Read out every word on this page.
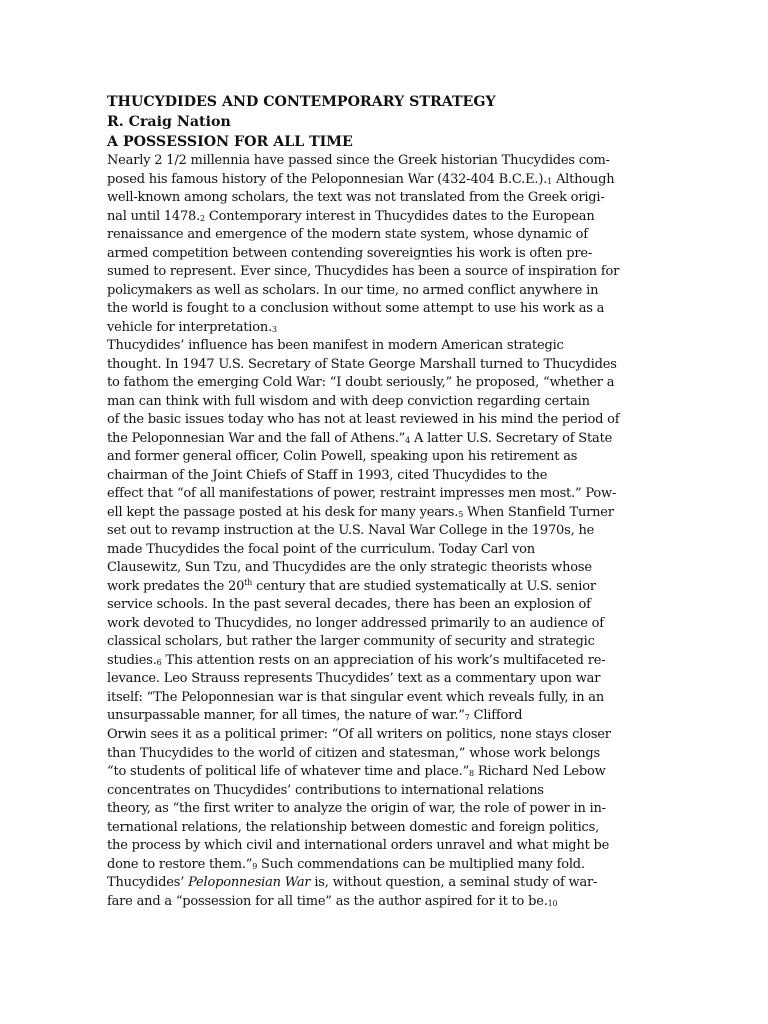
THUCYDIDES AND CONTEMPORARY STRATEGY
R. Craig Nation
A POSSESSION FOR ALL TIME
Nearly 2 1/2 millennia have passed since the Greek historian Thucydides com-
posed his famous history of the Peloponnesian War (432-404 B.C.E.).1 Although
well-known among scholars, the text was not translated from the Greek origi-
nal until 1478.2 Contemporary interest in Thucydides dates to the European
renaissance and emergence of the modern state system, whose dynamic of
armed competition between contending sovereignties his work is often pre-
sumed to represent. Ever since, Thucydides has been a source of inspiration for
policymakers as well as scholars. In our time, no armed conflict anywhere in
the world is fought to a conclusion without some attempt to use his work as a
vehicle for interpretation.3
Thucydides’ influence has been manifest in modern American strategic
thought. In 1947 U.S. Secretary of State George Marshall turned to Thucydides
to fathom the emerging Cold War: “I doubt seriously,” he proposed, “whether a
man can think with full wisdom and with deep conviction regarding certain
of the basic issues today who has not at least reviewed in his mind the period of
the Peloponnesian War and the fall of Athens.”4 A latter U.S. Secretary of State
and former general officer, Colin Powell, speaking upon his retirement as
chairman of the Joint Chiefs of Staff in 1993, cited Thucydides to the
effect that “of all manifestations of power, restraint impresses men most.” Pow-
ell kept the passage posted at his desk for many years.5 When Stanfield Turner
set out to revamp instruction at the U.S. Naval War College in the 1970s, he
made Thucydides the focal point of the curriculum. Today Carl von
Clausewitz, Sun Tzu, and Thucydides are the only strategic theorists whose
work predates the 20th century that are studied systematically at U.S. senior
service schools. In the past several decades, there has been an explosion of
work devoted to Thucydides, no longer addressed primarily to an audience of
classical scholars, but rather the larger community of security and strategic
studies.6 This attention rests on an appreciation of his work’s multifaceted re-
levance. Leo Strauss represents Thucydides’ text as a commentary upon war
itself: “The Peloponnesian war is that singular event which reveals fully, in an
unsurpassable manner, for all times, the nature of war.”7 Clifford
Orwin sees it as a political primer: “Of all writers on politics, none stays closer
than Thucydides to the world of citizen and statesman,” whose work belongs
“to students of political life of whatever time and place.”8 Richard Ned Lebow
concentrates on Thucydides’ contributions to international relations
theory, as “the first writer to analyze the origin of war, the role of power in in-
ternational relations, the relationship between domestic and foreign politics,
the process by which civil and international orders unravel and what might be
done to restore them.”9 Such commendations can be multiplied many fold.
Thucydides’ Peloponnesian War is, without question, a seminal study of war-
fare and a “possession for all time” as the author aspired for it to be.10
